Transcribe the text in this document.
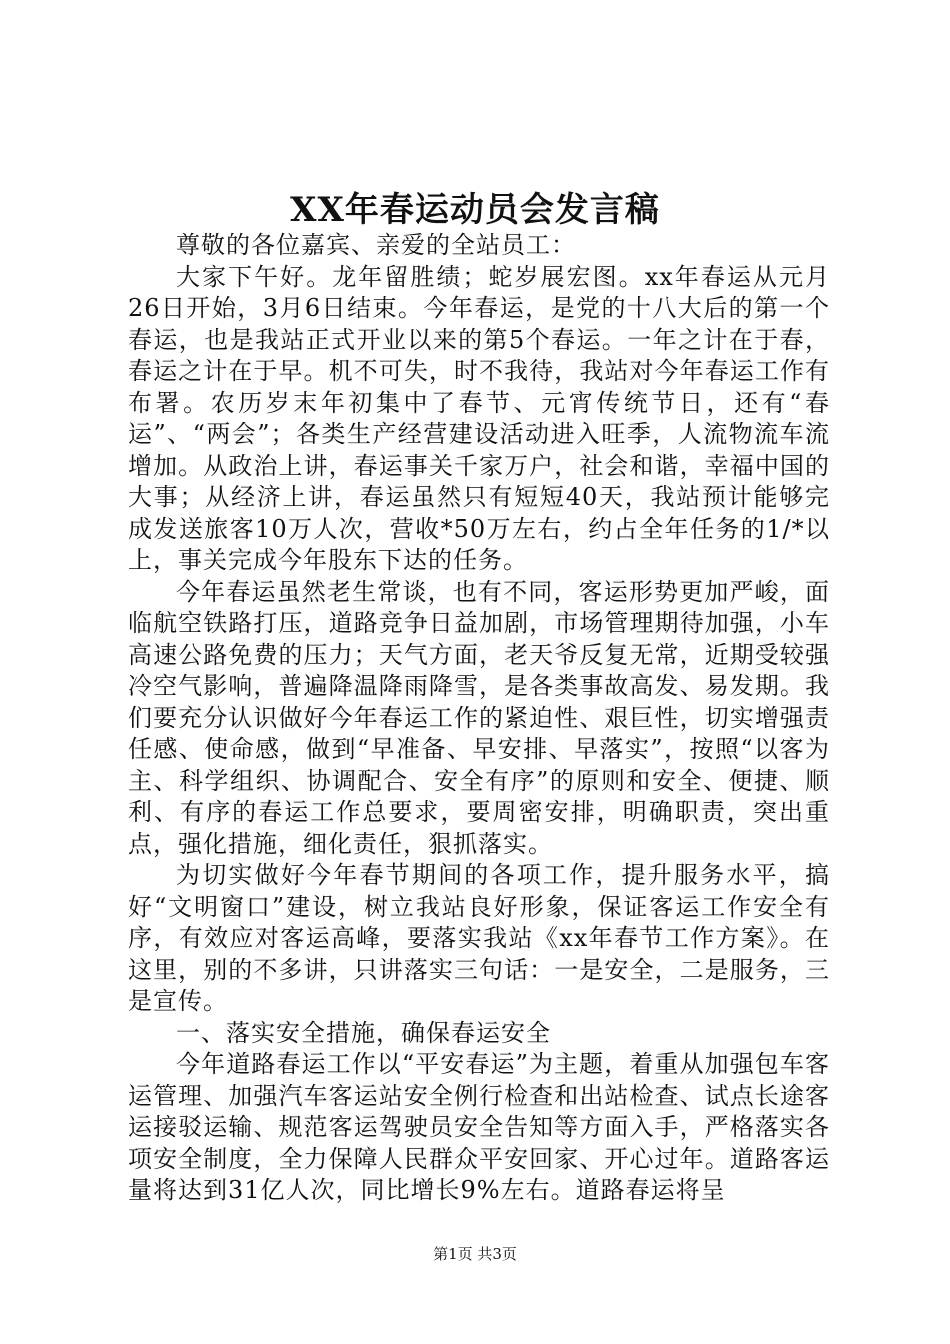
XX年春运动员会发言稿

尊敬的各位嘉宾、亲爱的全站员工：

大家下午好。龙年留胜绩；蛇岁展宏图。xx年春运从元月26日开始，3月6日结束。今年春运，是党的十八大后的第一个春运，也是我站正式开业以来的第5个春运。一年之计在于春，春运之计在于早。机不可失，时不我待，我站对今年春运工作有布署。农历岁末年初集中了春节、元宵传统节日，还有“春运”、“两会”；各类生产经营建设活动进入旺季，人流物流车流增加。从政治上讲，春运事关千家万户，社会和谐，幸福中国的大事；从经济上讲，春运虽然只有短短40天，我站预计能够完成发送旅客10万人次，营收*50万左右，约占全年任务的1/*以上，事关完成今年股东下达的任务。

今年春运虽然老生常谈，也有不同，客运形势更加严峻，面临航空铁路打压，道路竞争日益加剧，市场管理期待加强，小车高速公路免费的压力；天气方面，老天爷反复无常，近期受较强冷空气影响，普遍降温降雨降雪，是各类事故高发、易发期。我们要充分认识做好今年春运工作的紧迫性、艰巨性，切实增强责任感、使命感，做到“早准备、早安排、早落实”，按照“以客为主、科学组织、协调配合、安全有序”的原则和安全、便捷、顺利、有序的春运工作总要求，要周密安排，明确职责，突出重点，强化措施，细化责任，狠抓落实。

为切实做好今年春节期间的各项工作，提升服务水平，搞好“文明窗口”建设，树立我站良好形象，保证客运工作安全有序，有效应对客运高峰，要落实我站《xx年春节工作方案》。在这里，别的不多讲，只讲落实三句话：一是安全，二是服务，三是宣传。

一、落实安全措施，确保春运安全

今年道路春运工作以“平安春运”为主题，着重从加强包车客运管理、加强汽车客运站安全例行检查和出站检查、试点长途客运接驳运输、规范客运驾驶员安全告知等方面入手，严格落实各项安全制度，全力保障人民群众平安回家、开心过年。道路客运量将达到31亿人次，同比增长9%左右。道路春运将呈

第1页 共3页
